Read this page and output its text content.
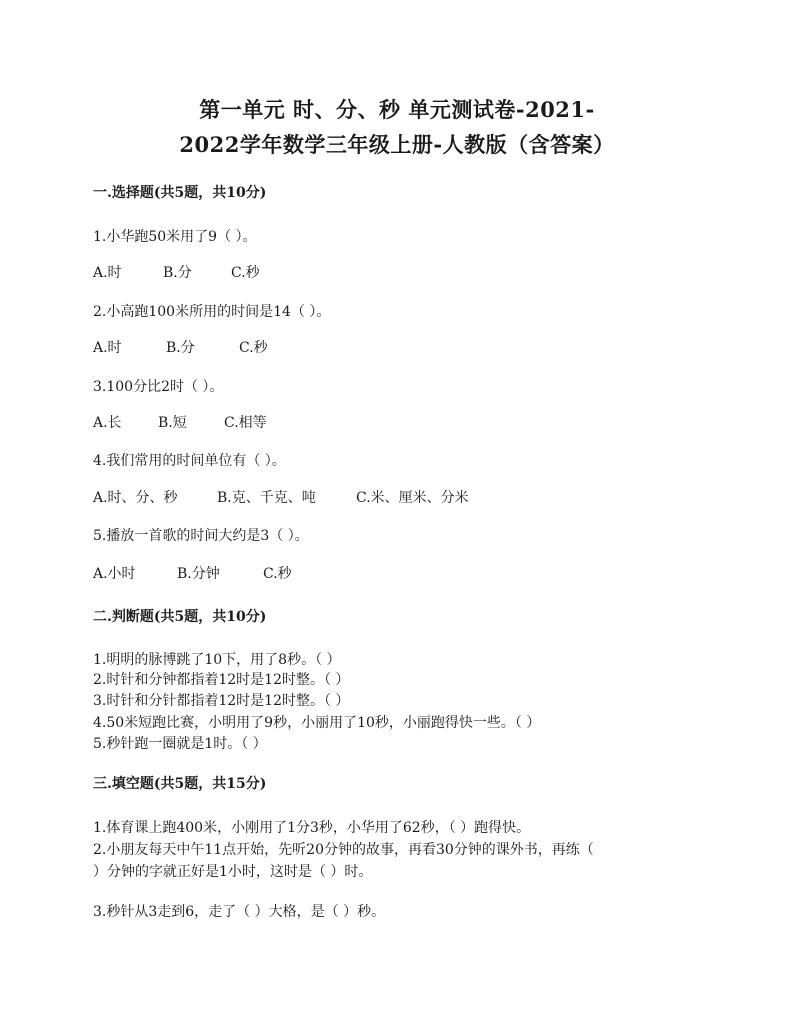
第一单元 时、分、秒 单元测试卷-2021-
2022学年数学三年级上册-人教版（含答案）
一.选择题(共5题，共10分)
1.小华跑50米用了9（ ）。
A.时	B.分	C.秒
2.小高跑100米所用的时间是14（ ）。
A.时	B.分	C.秒
3.100分比2时（ ）。
A.长	B.短	C.相等
4.我们常用的时间单位有（ ）。
A.时、分、秒	B.克、千克、吨	C.米、厘米、分米
5.播放一首歌的时间大约是3（ ）。
A.小时	B.分钟	C.秒
二.判断题(共5题，共10分)
1.明明的脉博跳了10下，用了8秒。（ ）
2.时针和分钟都指着12时是12时整。（ ）
3.时针和分针都指着12时是12时整。（ ）
4.50米短跑比赛，小明用了9秒，小丽用了10秒，小丽跑得快一些。（ ）
5.秒针跑一圈就是1时。（ ）
三.填空题(共5题，共15分)
1.体育课上跑400米，小刚用了1分3秒，小华用了62秒，（ ）跑得快。
2.小朋友每天中午11点开始，先听20分钟的故事，再看30分钟的课外书，再练（
）分钟的字就正好是1小时，这时是（ ）时。
3.秒针从3走到6，走了（ ）大格，是（ ）秒。
